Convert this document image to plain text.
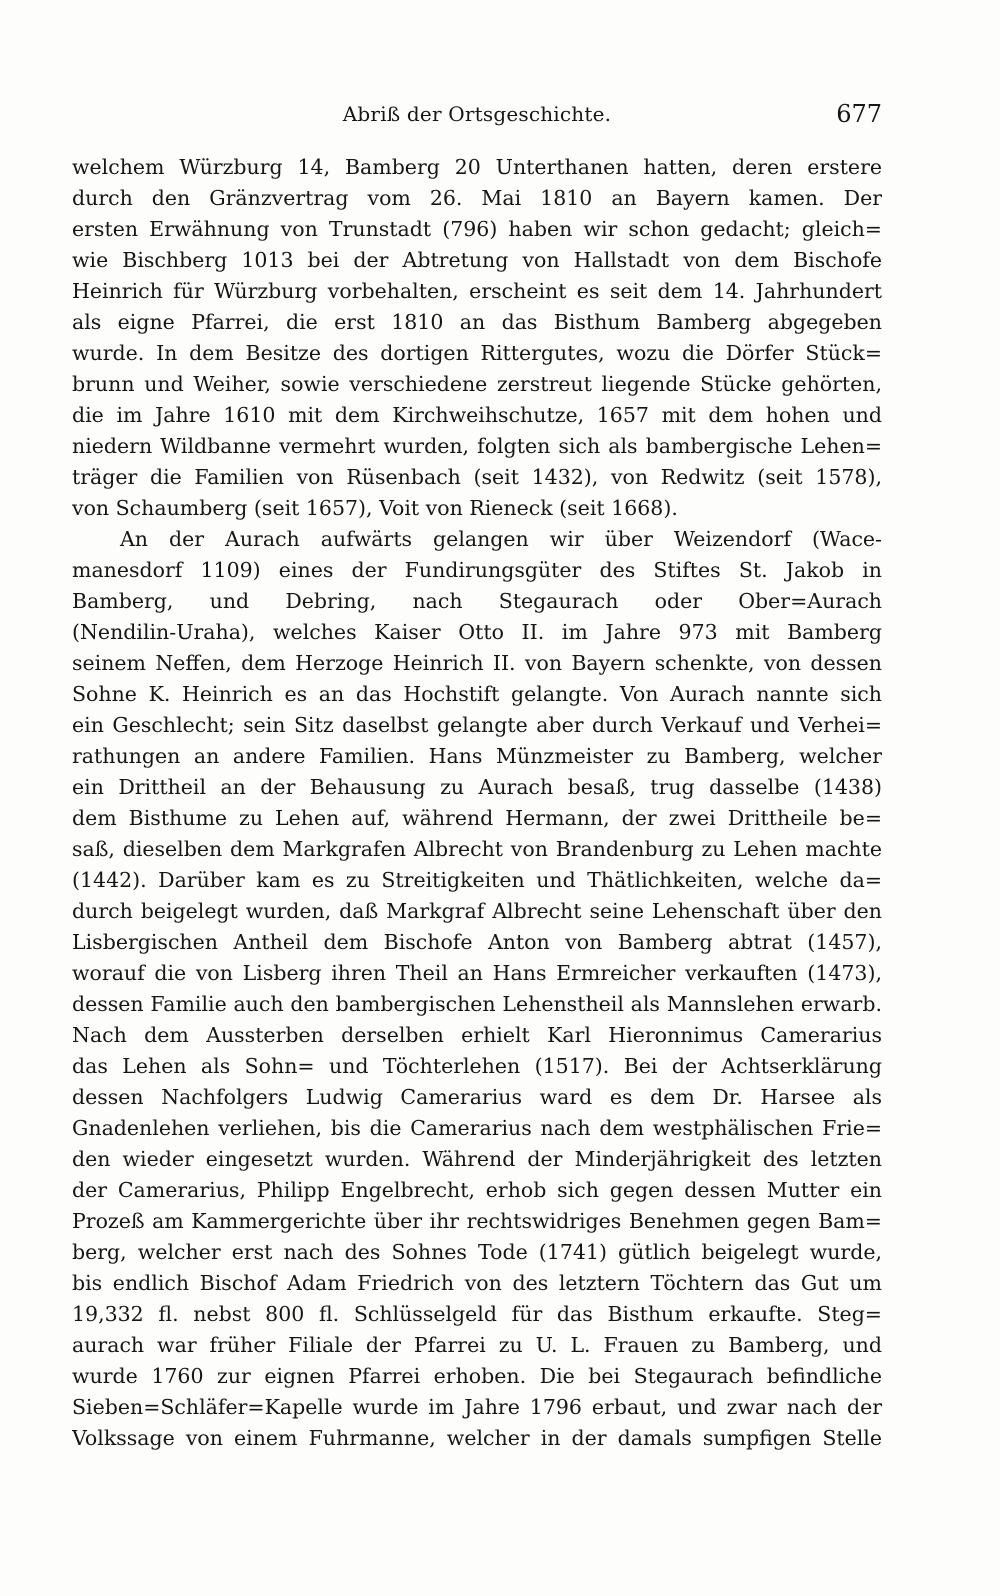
Abriß der Ortsgeschichte.	677
welchem Würzburg 14, Bamberg 20 Unterthanen hatten, deren erstere
durch den Gränzvertrag vom 26. Mai 1810 an Bayern kamen. Der
ersten Erwähnung von Trunstadt (796) haben wir schon gedacht; gleich=
wie Bischberg 1013 bei der Abtretung von Hallstadt von dem Bischofe
Heinrich für Würzburg vorbehalten, erscheint es seit dem 14. Jahrhundert
als eigne Pfarrei, die erst 1810 an das Bisthum Bamberg abgegeben
wurde. In dem Besitze des dortigen Rittergutes, wozu die Dörfer Stück=
brunn und Weiher, sowie verschiedene zerstreut liegende Stücke gehörten,
die im Jahre 1610 mit dem Kirchweihschutze, 1657 mit dem hohen und
niedern Wildbanne vermehrt wurden, folgten sich als bambergische Lehen=
träger die Familien von Rüsenbach (seit 1432), von Redwitz (seit 1578),
von Schaumberg (seit 1657), Voit von Rieneck (seit 1668).
An der Aurach aufwärts gelangen wir über Weizendorf (Wace-
manesdorf 1109) eines der Fundirungsgüter des Stiftes St. Jakob in
Bamberg, und Debring, nach Stegaurach oder Ober=Aurach
(Nendilin-Uraha), welches Kaiser Otto II. im Jahre 973 mit Bamberg
seinem Neffen, dem Herzoge Heinrich II. von Bayern schenkte, von dessen
Sohne K. Heinrich es an das Hochstift gelangte. Von Aurach nannte sich
ein Geschlecht; sein Sitz daselbst gelangte aber durch Verkauf und Verhei=
rathungen an andere Familien. Hans Münzmeister zu Bamberg, welcher
ein Drittheil an der Behausung zu Aurach besaß, trug dasselbe (1438)
dem Bisthume zu Lehen auf, während Hermann, der zwei Drittheile be=
saß, dieselben dem Markgrafen Albrecht von Brandenburg zu Lehen machte
(1442). Darüber kam es zu Streitigkeiten und Thätlichkeiten, welche da=
durch beigelegt wurden, daß Markgraf Albrecht seine Lehenschaft über den
Lisbergischen Antheil dem Bischofe Anton von Bamberg abtrat (1457),
worauf die von Lisberg ihren Theil an Hans Ermreicher verkauften (1473),
dessen Familie auch den bambergischen Lehenstheil als Mannslehen erwarb.
Nach dem Aussterben derselben erhielt Karl Hieronnimus Camerarius
das Lehen als Sohn= und Töchterlehen (1517). Bei der Achtserklärung
dessen Nachfolgers Ludwig Camerarius ward es dem Dr. Harsee als
Gnadenlehen verliehen, bis die Camerarius nach dem westphälischen Frie=
den wieder eingesetzt wurden. Während der Minderjährigkeit des letzten
der Camerarius, Philipp Engelbrecht, erhob sich gegen dessen Mutter ein
Prozeß am Kammergerichte über ihr rechtswidriges Benehmen gegen Bam=
berg, welcher erst nach des Sohnes Tode (1741) gütlich beigelegt wurde,
bis endlich Bischof Adam Friedrich von des letztern Töchtern das Gut um
19,332 fl. nebst 800 fl. Schlüsselgeld für das Bisthum erkaufte. Steg=
aurach war früher Filiale der Pfarrei zu U. L. Frauen zu Bamberg, und
wurde 1760 zur eignen Pfarrei erhoben. Die bei Stegaurach befindliche
Sieben=Schläfer=Kapelle wurde im Jahre 1796 erbaut, und zwar nach der
Volkssage von einem Fuhrmanne, welcher in der damals sumpfigen Stelle
